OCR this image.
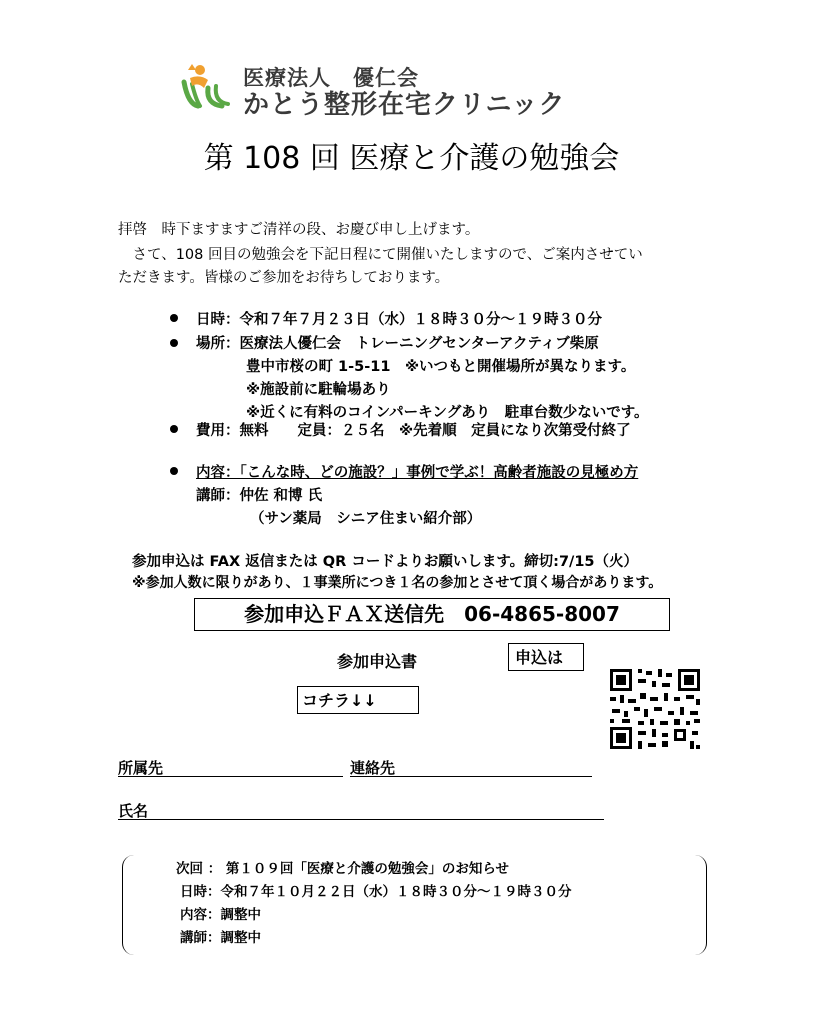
医療法人　優仁会
かとう整形在宅クリニック
第 108 回 医療と介護の勉強会
拝啓　時下ますますご清祥の段、お慶び申し上げます。
　さて、108 回目の勉強会を下記日程にて開催いたしますので、ご案内させてい
ただきます。皆様のご参加をお待ちしております。
日時：令和７年７月２３日（水）１８時３０分～１９時３０分
場所：医療法人優仁会　トレーニングセンターアクティブ柴原
豊中市桜の町 1-5-11　※いつもと開催場所が異なります。
※施設前に駐輪場あり
※近くに有料のコインパーキングあり　駐車台数少ないです。
費用：無料　　定員：２５名　※先着順　定員になり次第受付終了
内容：「こんな時、どの施設？」事例で学ぶ！高齢者施設の見極め方
講師：仲佐 和博 氏
（サン薬局　シニア住まい紹介部）
参加申込は FAX 返信または QR コードよりお願いします。締切:7/15（火）
※参加人数に限りがあり、１事業所につき１名の参加とさせて頂く場合があります。
参加申込ＦＡＸ送信先　06-4865-8007
参加申込書	申込は
コチラ↓↓
所属先	連絡先
氏名
次回 ： 第１０９回「医療と介護の勉強会」のお知らせ
日時：令和７年１０月２２日（水）１８時３０分～１９時３０分
内容：調整中
講師：調整中
